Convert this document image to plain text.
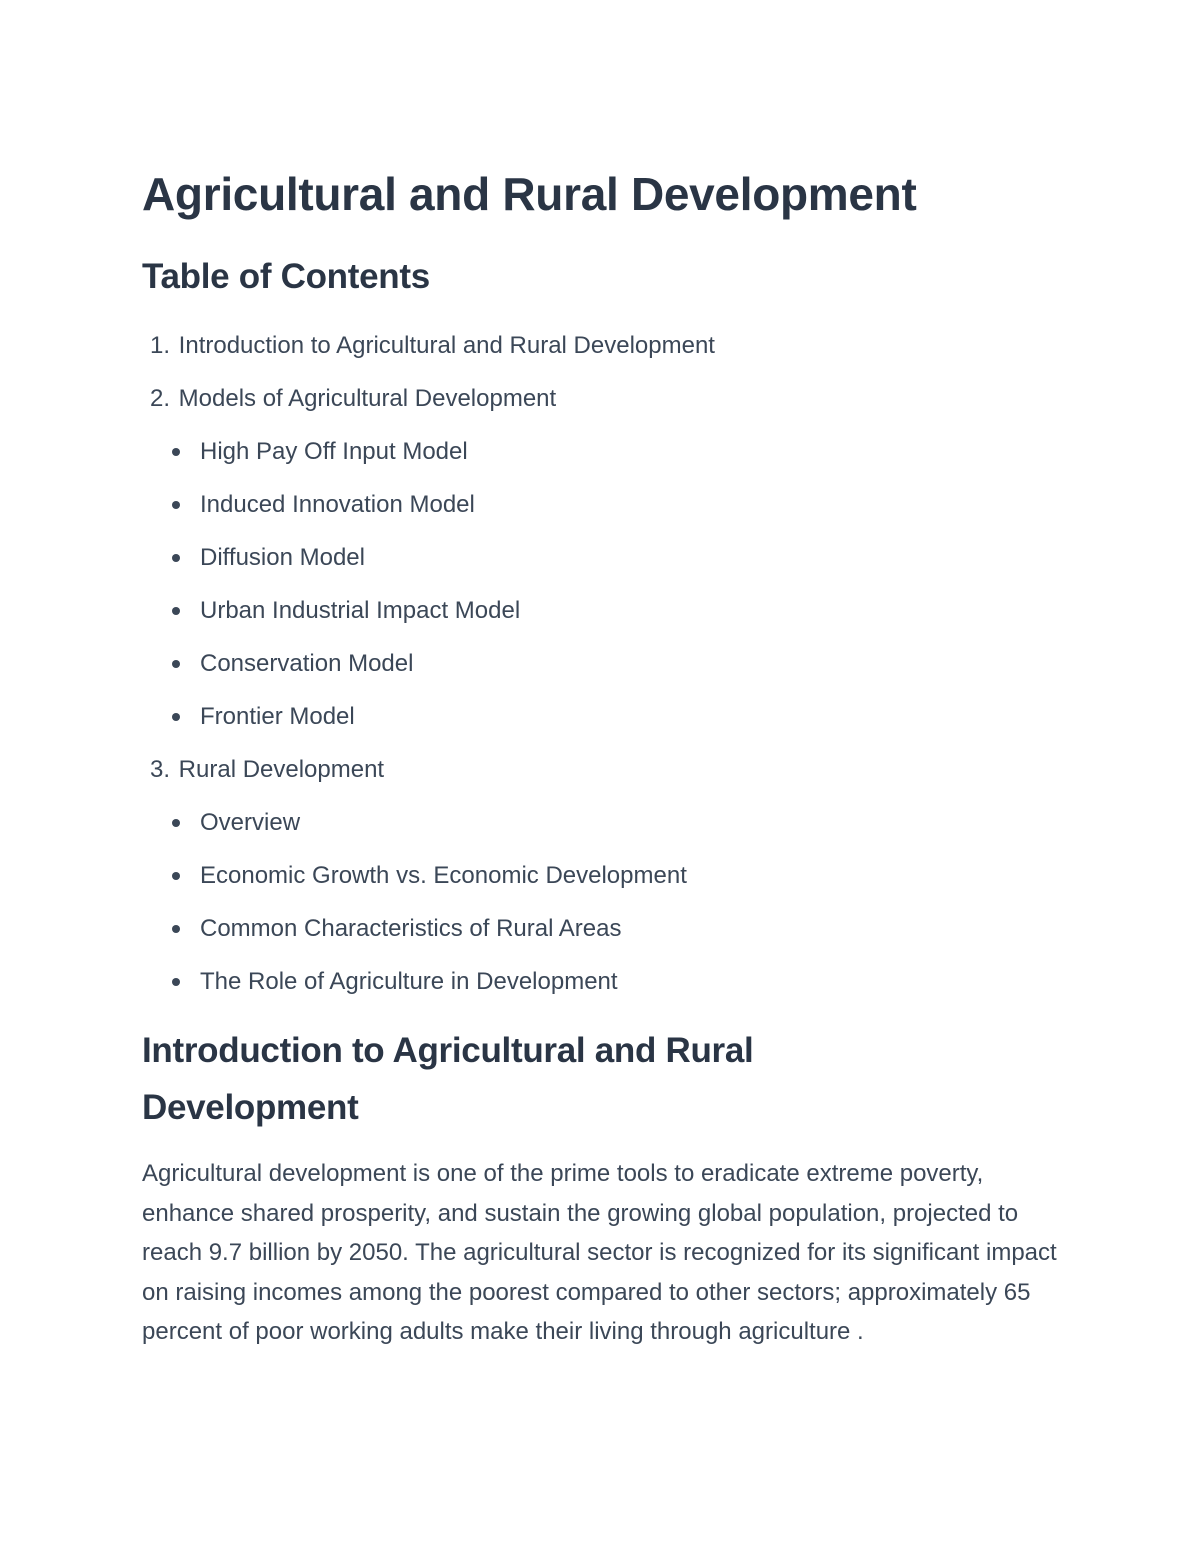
Agricultural and Rural Development
Table of Contents
1. Introduction to Agricultural and Rural Development
2. Models of Agricultural Development
High Pay Off Input Model
Induced Innovation Model
Diffusion Model
Urban Industrial Impact Model
Conservation Model
Frontier Model
3. Rural Development
Overview
Economic Growth vs. Economic Development
Common Characteristics of Rural Areas
The Role of Agriculture in Development
Introduction to Agricultural and Rural Development

Agricultural development is one of the prime tools to eradicate extreme poverty, enhance shared prosperity, and sustain the growing global population, projected to reach 9.7 billion by 2050. The agricultural sector is recognized for its significant impact on raising incomes among the poorest compared to other sectors; approximately 65 percent of poor working adults make their living through agriculture .
